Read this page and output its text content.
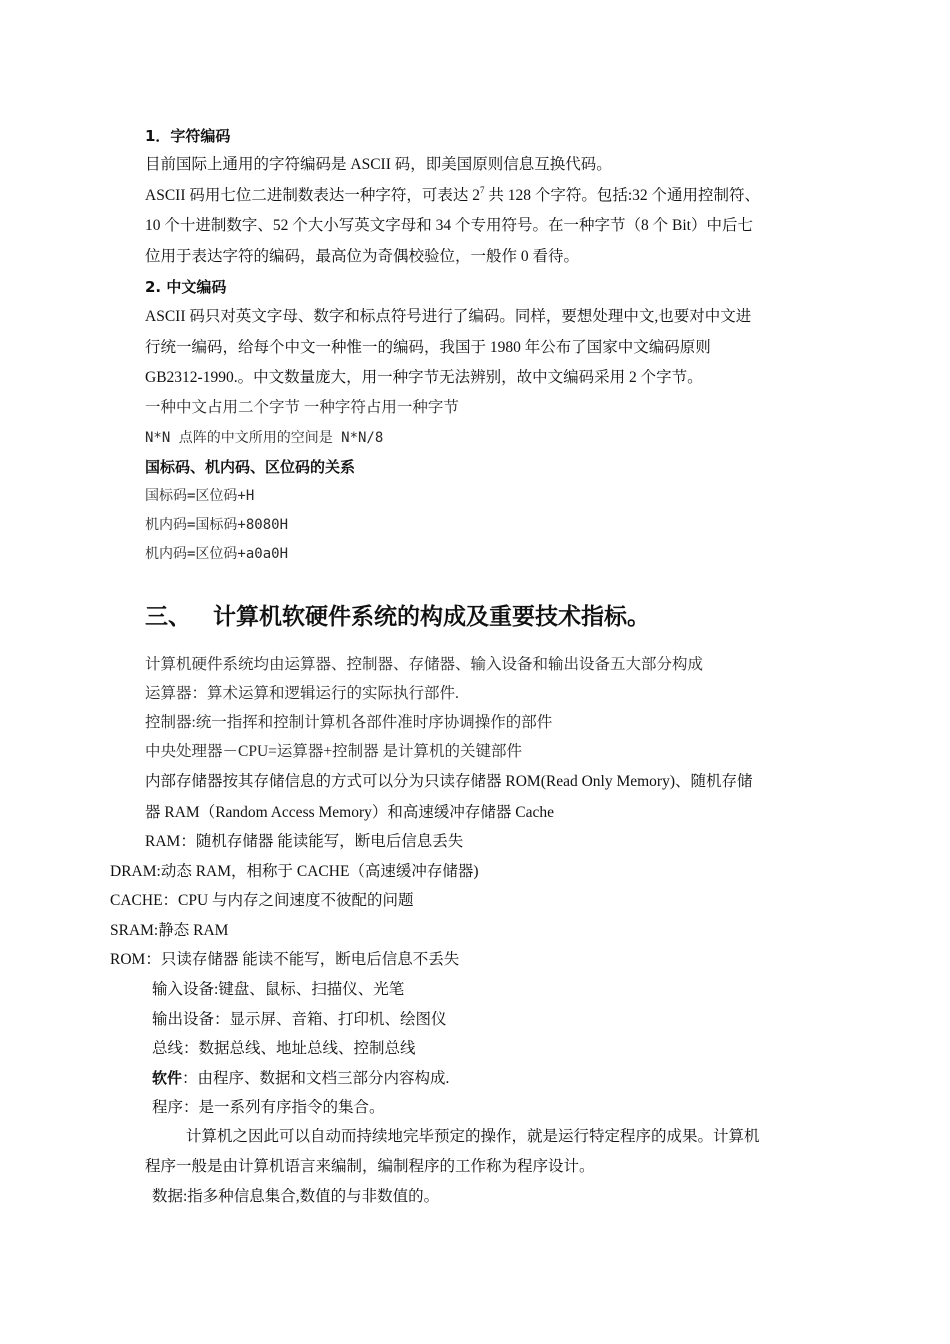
1．字符编码

目前国际上通用的字符编码是 ASCII 码，即美国原则信息互换代码。

ASCII 码用七位二进制数表达一种字符，可表达 $2^7$ 共 128 个字符。包括:32 个通用控制符、

10 个十进制数字、52 个大小写英文字母和 34 个专用符号。在一种字节（8 个 Bit）中后七

位用于表达字符的编码，最高位为奇偶校验位，一般作 0 看待。

2. 中文编码

ASCII 码只对英文字母、数字和标点符号进行了编码。同样，要想处理中文,也要对中文进

行统一编码，给每个中文一种惟一的编码，我国于 1980 年公布了国家中文编码原则

GB2312-1990.。中文数量庞大，用一种字节无法辨别，故中文编码采用 2 个字节。

一种中文占用二个字节 一种字符占用一种字节

N*N 点阵的中文所用的空间是 N*N/8

国标码、机内码、区位码的关系

国标码=区位码+H

机内码=国标码+8080H

机内码=区位码+a0a0H

三、 计算机软硬件系统的构成及重要技术指标。

计算机硬件系统均由运算器、控制器、存储器、输入设备和输出设备五大部分构成

运算器：算术运算和逻辑运行的实际执行部件.

控制器:统一指挥和控制计算机各部件准时序协调操作的部件

中央处理器－CPU=运算器+控制器 是计算机的关键部件

内部存储器按其存储信息的方式可以分为只读存储器 ROM(Read Only Memory)、随机存储

器 RAM（Random Access Memory）和高速缓冲存储器 Cache

RAM：随机存储器 能读能写，断电后信息丢失

DRAM:动态 RAM，相称于 CACHE（高速缓冲存储器)

CACHE：CPU 与内存之间速度不彼配的问题

SRAM:静态 RAM

ROM：只读存储器 能读不能写，断电后信息不丢失

输入设备:键盘、鼠标、扫描仪、光笔

输出设备：显示屏、音箱、打印机、绘图仪

总线：数据总线、地址总线、控制总线

软件：由程序、数据和文档三部分内容构成.

程序：是一系列有序指令的集合。

计算机之因此可以自动而持续地完毕预定的操作，就是运行特定程序的成果。计算机

程序一般是由计算机语言来编制，编制程序的工作称为程序设计。

数据:指多种信息集合,数值的与非数值的。
